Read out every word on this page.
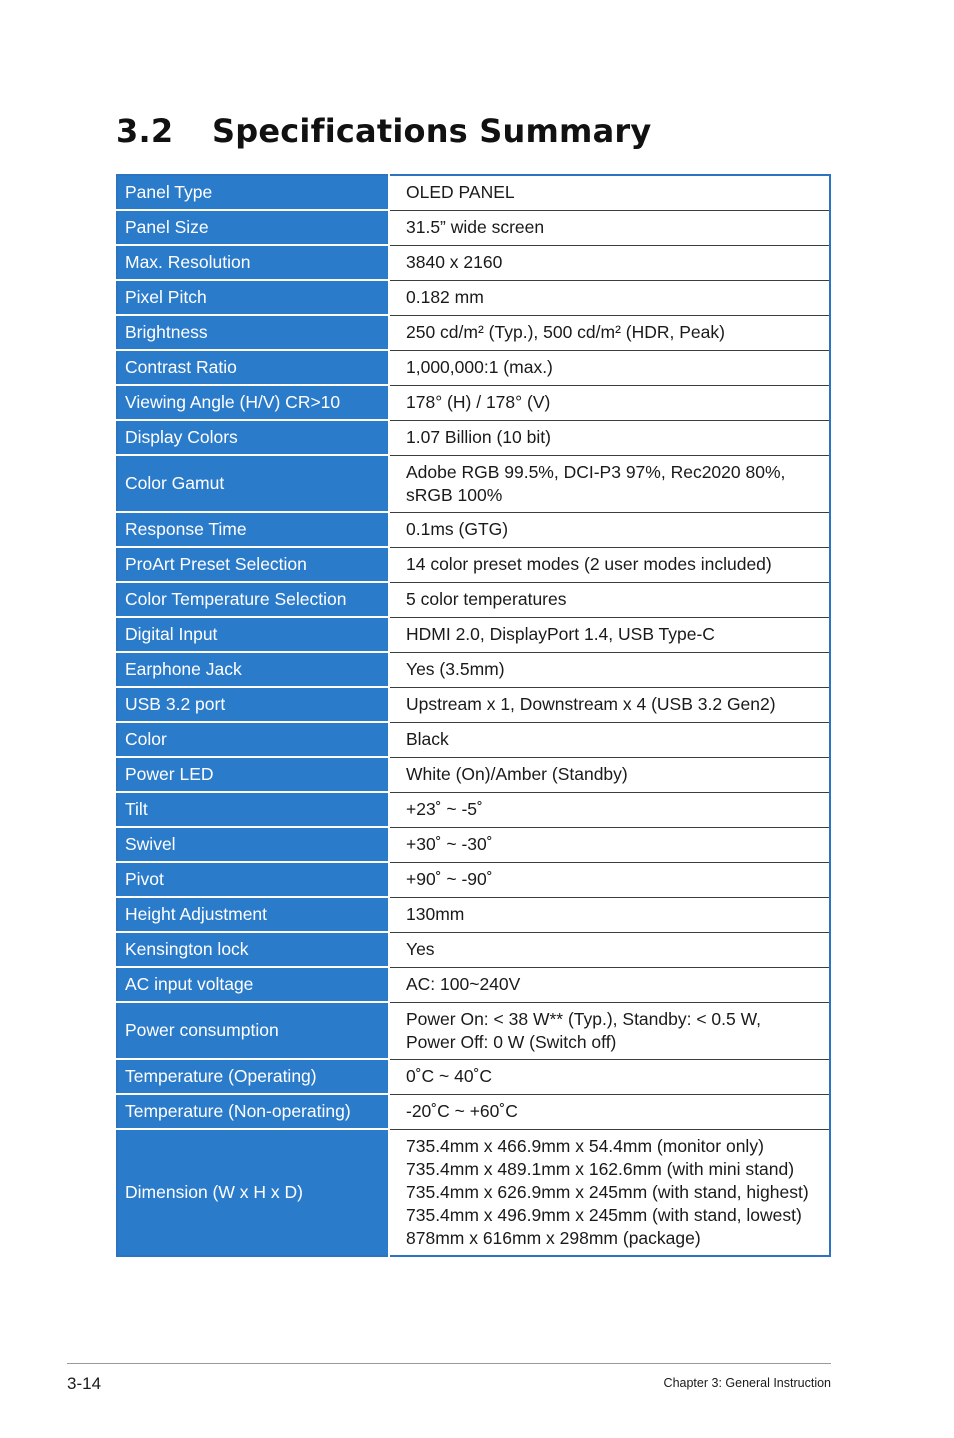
3.2 Specifications Summary
Panel Type	OLED PANEL

Panel Size	31.5” wide screen

Max. Resolution	3840 x 2160

Pixel Pitch	0.182 mm

Brightness	250 cd/m² (Typ.), 500 cd/m² (HDR, Peak)

Contrast Ratio	1,000,000:1 (max.)

Viewing Angle (H/V) CR>10	178° (H) / 178° (V)

Display Colors	1.07 Billion (10 bit)

Color Gamut	Adobe RGB 99.5%, DCI-P3 97%, Rec2020 80%,
sRGB 100%

Response Time	0.1ms (GTG)

ProArt Preset Selection	14 color preset modes (2 user modes included)

Color Temperature Selection	5 color temperatures

Digital Input	HDMI 2.0, DisplayPort 1.4, USB Type-C

Earphone Jack	Yes (3.5mm)

USB 3.2 port	Upstream x 1, Downstream x 4 (USB 3.2 Gen2)

Color	Black

Power LED	White (On)/Amber (Standby)

Tilt	+23˚ ~ -5˚

Swivel	+30˚ ~ -30˚

Pivot	+90˚ ~ -90˚

Height Adjustment	130mm

Kensington lock	Yes

AC input voltage	AC: 100~240V

Power consumption	Power On: < 38 W** (Typ.), Standby: < 0.5 W,
Power Off: 0 W (Switch off)

Temperature (Operating)	0˚C ~ 40˚C

Temperature (Non-operating)	-20˚C ~ +60˚C

Dimension (W x H x D)	735.4mm x 466.9mm x 54.4mm (monitor only)
735.4mm x 489.1mm x 162.6mm (with mini stand)
735.4mm x 626.9mm x 245mm (with stand, highest)
735.4mm x 496.9mm x 245mm (with stand, lowest)
878mm x 616mm x 298mm (package)
3-14	Chapter 3: General Instruction
